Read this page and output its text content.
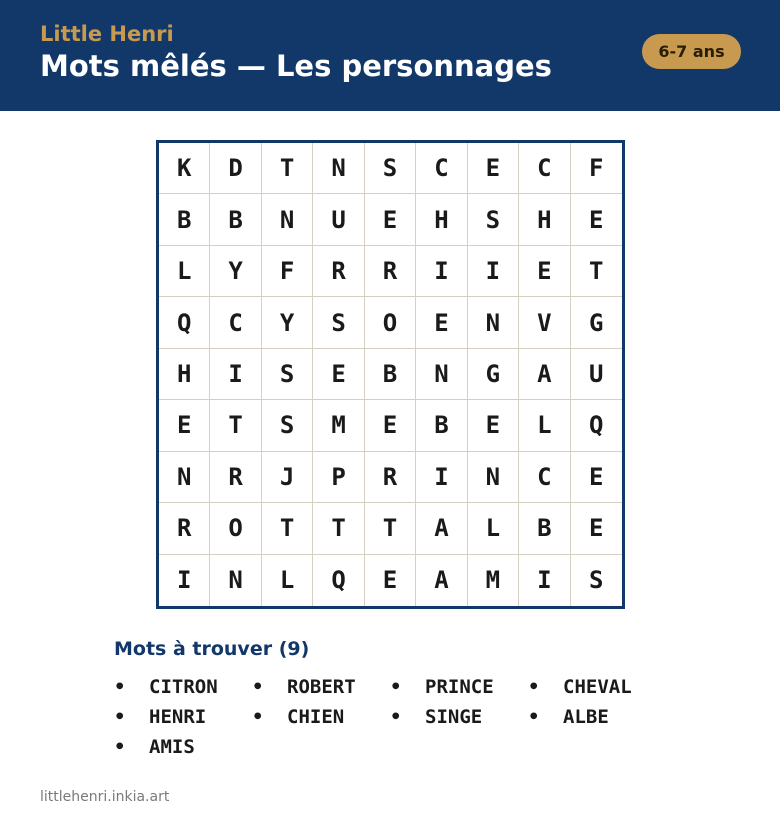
Little Henri
Mots mêlés — Les personnages	6-7 ans
K	D	T	N	S	C	E	C	F
B	B	N	U	E	H	S	H	E
L	Y	F	R	R	I	I	E	T
Q	C	Y	S	O	E	N	V	G
H	I	S	E	B	N	G	A	U
E	T	S	M	E	B	E	L	Q
N	R	J	P	R	I	N	C	E
R	O	T	T	T	A	L	B	E
I	N	L	Q	E	A	M	I	S
Mots à trouver (9)
•	CITRON •	ROBERT •	PRINCE •	CHEVAL
•	HENRI •	CHIEN •	SINGE •	ALBE
•	AMIS
littlehenri.inkia.art
